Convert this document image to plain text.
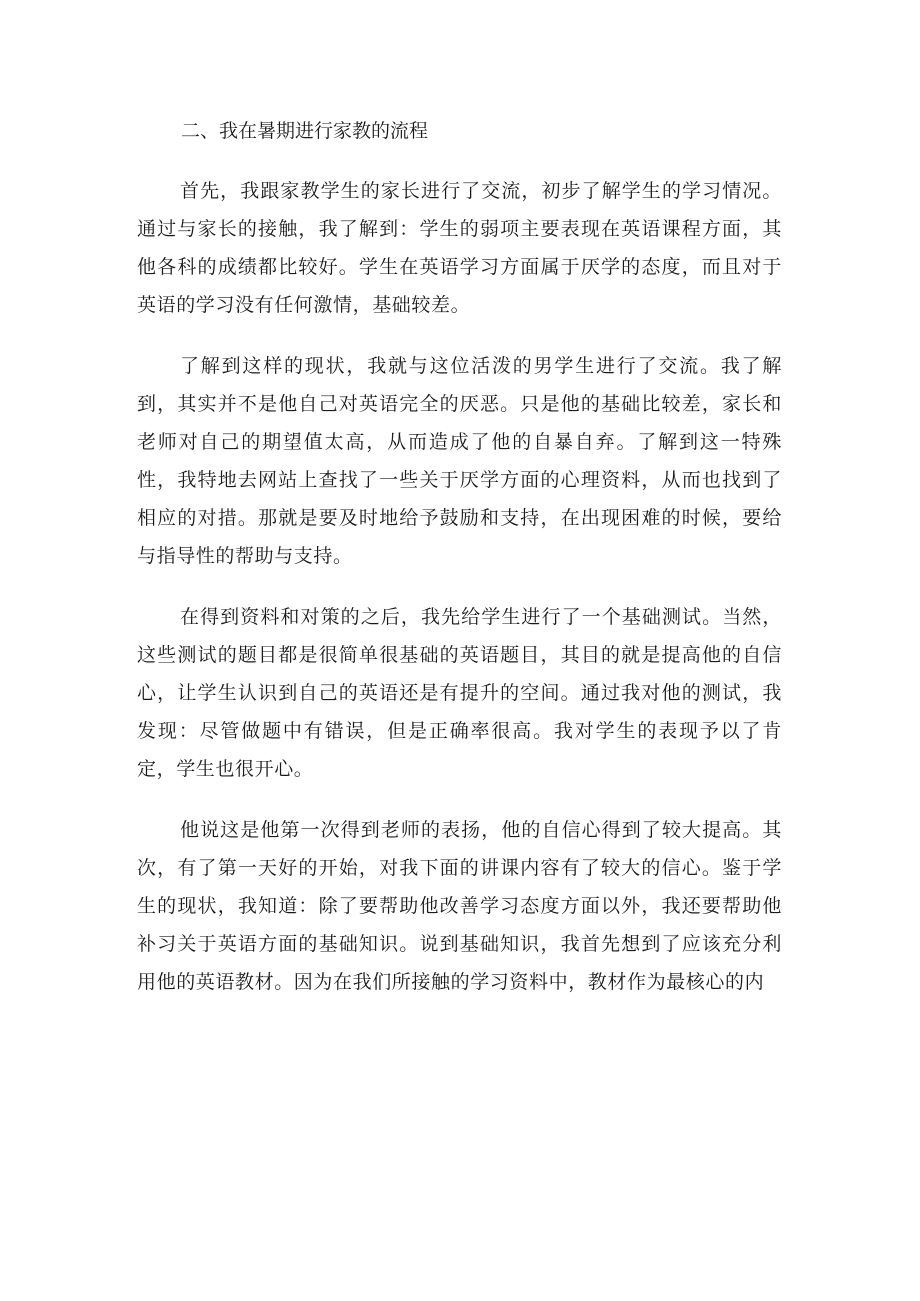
二、我在暑期进行家教的流程

首先，我跟家教学生的家长进行了交流，初步了解学生的学习情况。通过与家长的接触，我了解到：学生的弱项主要表现在英语课程方面，其他各科的成绩都比较好。学生在英语学习方面属于厌学的态度，而且对于英语的学习没有任何激情，基础较差。

了解到这样的现状，我就与这位活泼的男学生进行了交流。我了解到，其实并不是他自己对英语完全的厌恶。只是他的基础比较差，家长和老师对自己的期望值太高，从而造成了他的自暴自弃。了解到这一特殊性，我特地去网站上查找了一些关于厌学方面的心理资料，从而也找到了相应的对措。那就是要及时地给予鼓励和支持，在出现困难的时候，要给与指导性的帮助与支持。

在得到资料和对策的之后，我先给学生进行了一个基础测试。当然，这些测试的题目都是很简单很基础的英语题目，其目的就是提高他的自信心，让学生认识到自己的英语还是有提升的空间。通过我对他的测试，我发现：尽管做题中有错误，但是正确率很高。我对学生的表现予以了肯定，学生也很开心。

他说这是他第一次得到老师的表扬，他的自信心得到了较大提高。其次，有了第一天好的开始，对我下面的讲课内容有了较大的信心。鉴于学生的现状，我知道：除了要帮助他改善学习态度方面以外，我还要帮助他补习关于英语方面的基础知识。说到基础知识，我首先想到了应该充分利用他的英语教材。因为在我们所接触的学习资料中，教材作为最核心的内
